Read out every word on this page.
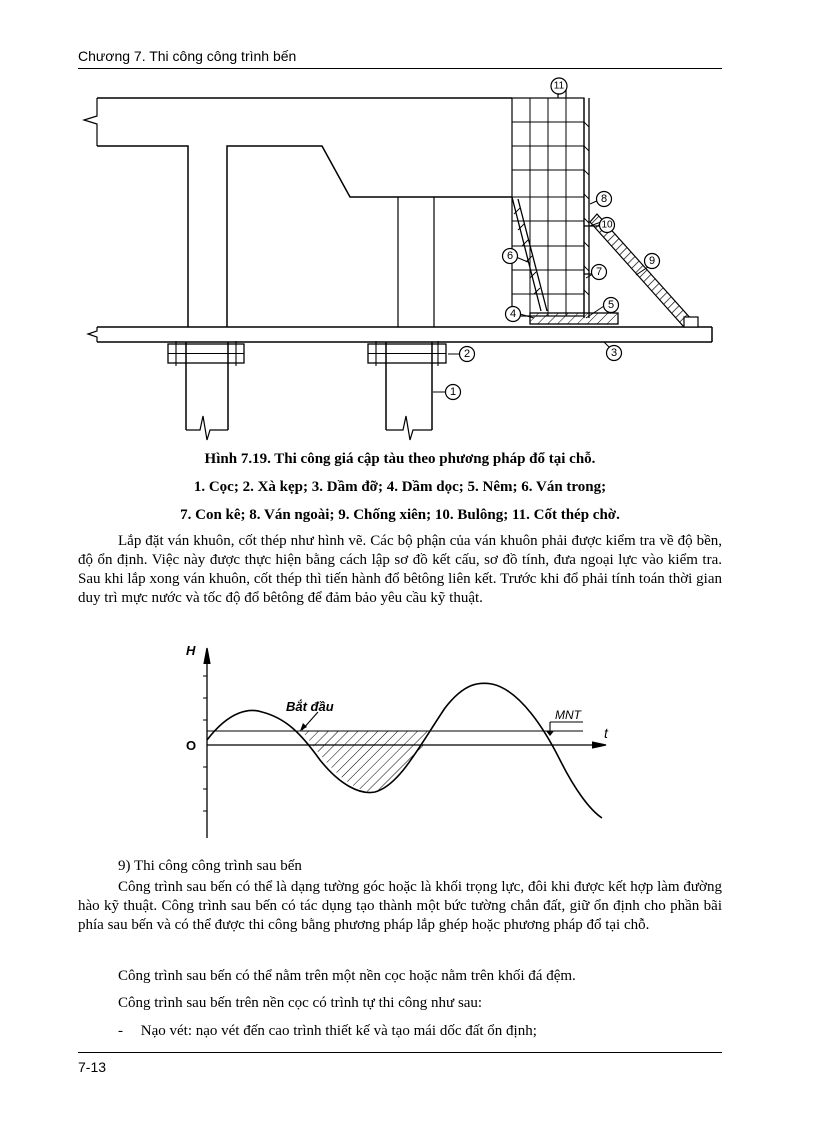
Chương 7. Thi công công trình bến
11
8
10
9
6
7
5
4
3
2
1
Hình 7.19. Thi công giá cập tàu theo phương pháp đổ tại chỗ.
1. Cọc; 2. Xà kẹp; 3. Dầm đỡ; 4. Dầm dọc; 5. Nêm; 6. Ván trong;
7. Con kê; 8. Ván ngoài; 9. Chống xiên; 10. Bulông; 11. Cốt thép chờ.
Lắp đặt ván khuôn, cốt thép như hình vẽ. Các bộ phận của ván khuôn phải được kiểm tra về độ bền, độ ổn định. Việc này được thực hiện bằng cách lập sơ đồ kết cấu, sơ đồ tính, đưa ngoại lực vào kiểm tra. Sau khi lắp xong ván khuôn, cốt thép thì tiến hành đổ bêtông liên kết. Trước khi đổ phải tính toán thời gian duy trì mực nước và tốc độ đổ bêtông để đảm bảo yêu cầu kỹ thuật.
H
t
O
Bắt đầu
MNT
9) Thi công công trình sau bến
Công trình sau bến có thể là dạng tường góc hoặc là khối trọng lực, đôi khi được kết hợp làm đường hào kỹ thuật. Công trình sau bến có tác dụng tạo thành một bức tường chắn đất, giữ ổn định cho phần bãi phía sau bến và có thể được thi công bằng phương pháp lắp ghép hoặc phương pháp đổ tại chỗ.
Công trình sau bến có thể nằm trên một nền cọc hoặc nằm trên khối đá đệm.
Công trình sau bến trên nền cọc có trình tự thi công như sau:
- Nạo vét: nạo vét đến cao trình thiết kế và tạo mái dốc đất ổn định;
7-13
